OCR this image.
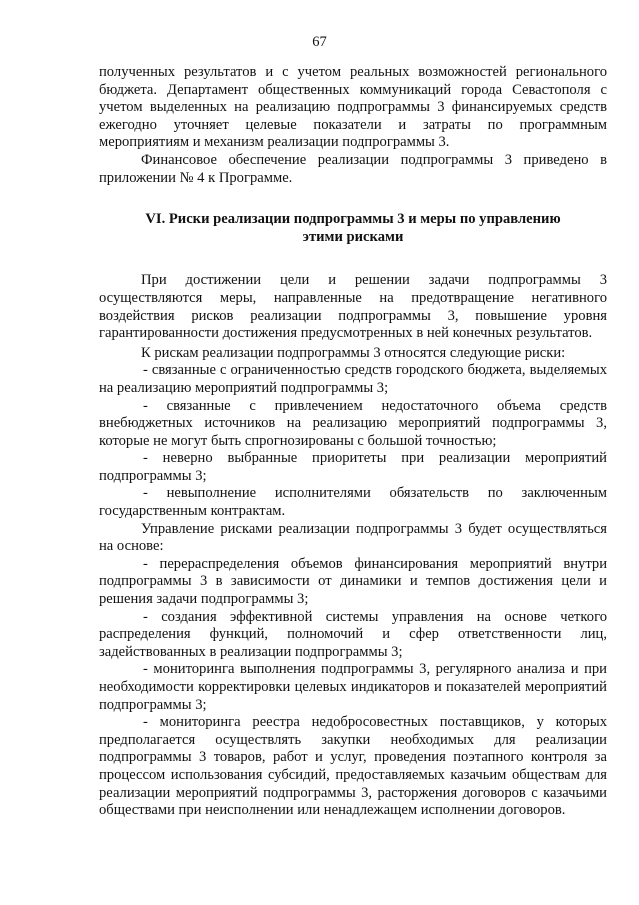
67

полученных результатов и с учетом реальных возможностей регионального бюджета. Департамент общественных коммуникаций города Севастополя с учетом выделенных на реализацию подпрограммы 3 финансируемых средств ежегодно уточняет целевые показатели и затраты по программным мероприятиям и механизм реализации подпрограммы 3.

Финансовое обеспечение реализации подпрограммы 3 приведено в приложении № 4 к Программе.

VI. Риски реализации подпрограммы 3 и меры по управлению
этими рисками

При достижении цели и решении задачи подпрограммы 3 осуществляются меры, направленные на предотвращение негативного воздействия рисков реализации подпрограммы 3, повышение уровня гарантированности достижения предусмотренных в ней конечных результатов.

К рискам реализации подпрограммы 3 относятся следующие риски:

- связанные с ограниченностью средств городского бюджета, выделяемых на реализацию мероприятий подпрограммы 3;

- связанные с привлечением недостаточного объема средств внебюджетных источников на реализацию мероприятий подпрограммы 3, которые не могут быть спрогнозированы с большой точностью;

- неверно выбранные приоритеты при реализации мероприятий подпрограммы 3;

- невыполнение исполнителями обязательств по заключенным государственным контрактам.

Управление рисками реализации подпрограммы 3 будет осуществляться на основе:

- перераспределения объемов финансирования мероприятий внутри подпрограммы 3 в зависимости от динамики и темпов достижения цели и решения задачи подпрограммы 3;

- создания эффективной системы управления на основе четкого распределения функций, полномочий и сфер ответственности лиц, задействованных в реализации подпрограммы 3;

- мониторинга выполнения подпрограммы 3, регулярного анализа и при необходимости корректировки целевых индикаторов и показателей мероприятий подпрограммы 3;

- мониторинга реестра недобросовестных поставщиков, у которых предполагается осуществлять закупки необходимых для реализации подпрограммы 3 товаров, работ и услуг, проведения поэтапного контроля за процессом использования субсидий, предоставляемых казачьим обществам для реализации мероприятий подпрограммы 3, расторжения договоров с казачьими обществами при неисполнении или ненадлежащем исполнении договоров.
